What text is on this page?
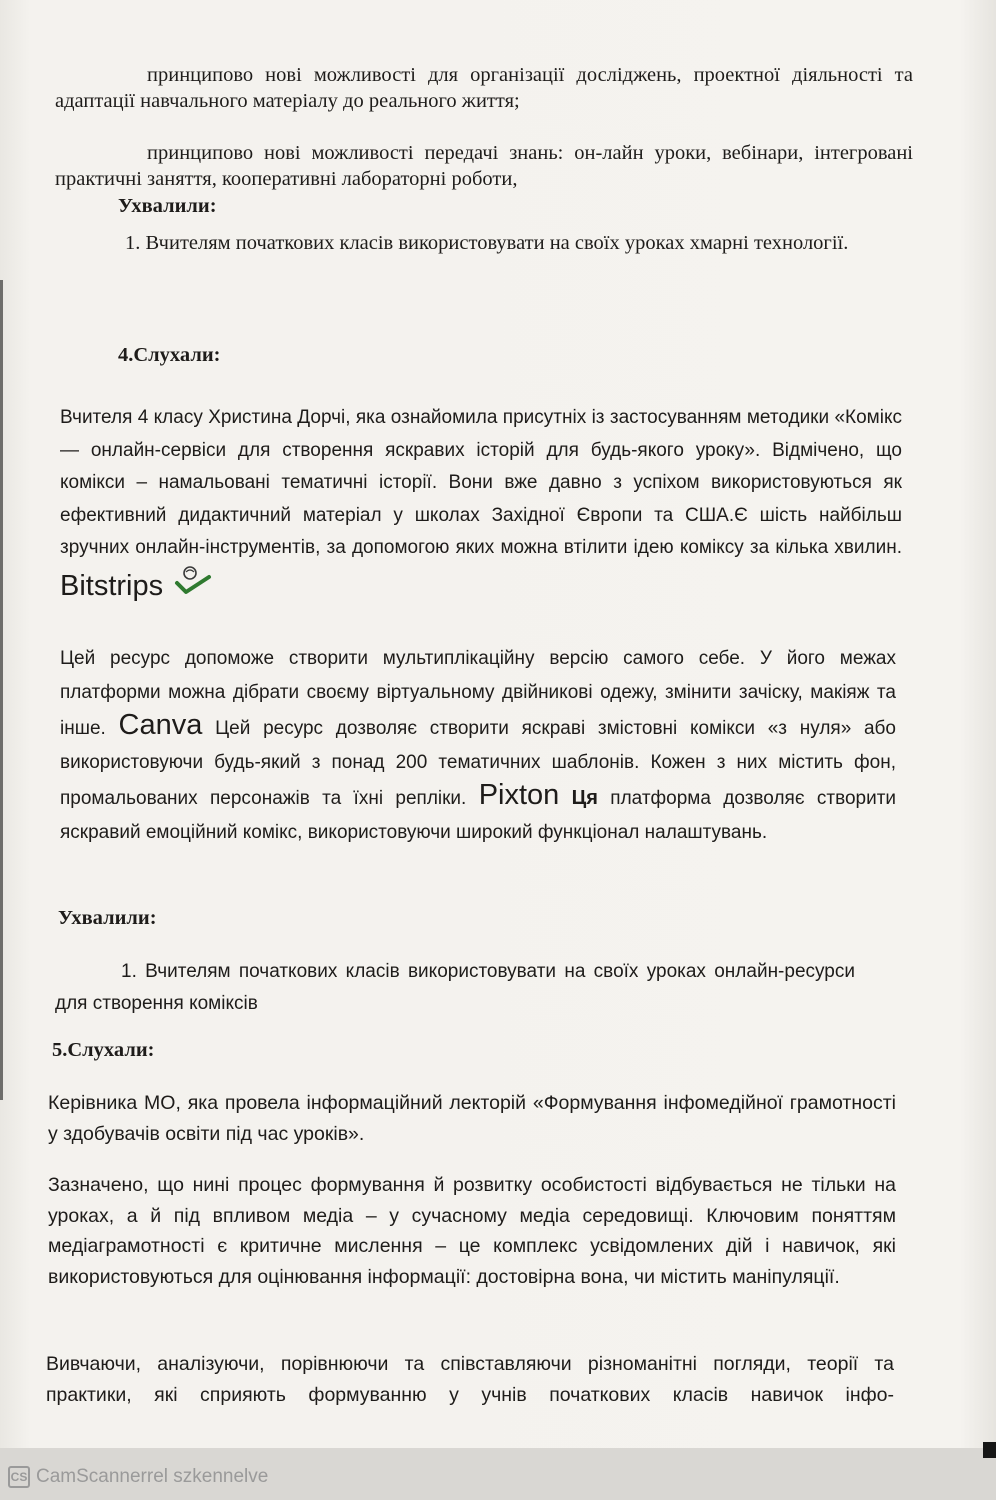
принципово нові можливості для організації досліджень, проектної діяльності та адаптації навчального матеріалу до реального життя;

принципово нові можливості передачі знань: он-лайн уроки, вебінари, інтегровані практичні заняття, кооперативні лабораторні роботи,

Ухвалили:

1. Вчителям початкових класів використовувати на своїх уроках хмарні технології.

4.Слухали:

Вчителя 4 класу Христина Дорчі, яка ознайомила присутніх із застосуванням методики «Комікс — онлайн-сервіси для створення яскравих історій для будь-якого уроку». Відмічено, що комікси – намальовані тематичні історії. Вони вже давно з успіхом використовуються як ефективний дидактичний матеріал у школах Західної Європи та США.Є шість найбільш зручних онлайн-інструментів, за допомогою яких можна втілити ідею коміксу за кілька хвилин. Bitstrips

Цей ресурс допоможе створити мультиплікаційну версію самого себе. У його межах платформи можна дібрати своєму віртуальному двійникові одежу, змінити зачіску, макіяж та інше. Canva Цей ресурс дозволяє створити яскраві змістовні комікси «з нуля» або використовуючи будь-який з понад 200 тематичних шаблонів. Кожен з них містить фон, промальованих персонажів та їхні репліки. Pixton Ця платформа дозволяє створити яскравий емоційний комікс, використовуючи широкий функціонал налаштувань.

Ухвалили:

1. Вчителям початкових класів використовувати на своїх уроках онлайн-ресурси для створення коміксів

5.Слухали:

Керівника МО, яка провела інформаційний лекторій «Формування інфомедійної грамотності у здобувачів освіти під час уроків».

Зазначено, що нині процес формування й розвитку особистості відбувається не тільки на уроках, а й під впливом медіа – у сучасному медіа середовищі. Ключовим поняттям медіаграмотності є критичне мислення – це комплекс усвідомлених дій і навичок, які використовуються для оцінювання інформації: достовірна вона, чи містить маніпуляції.

Вивчаючи, аналізуючи, порівнюючи та співставляючи різноманітні погляди, теорії та практики, які сприяють формуванню у учнів початкових класів навичок інфо-

CS CamScannerrel szkennelve
